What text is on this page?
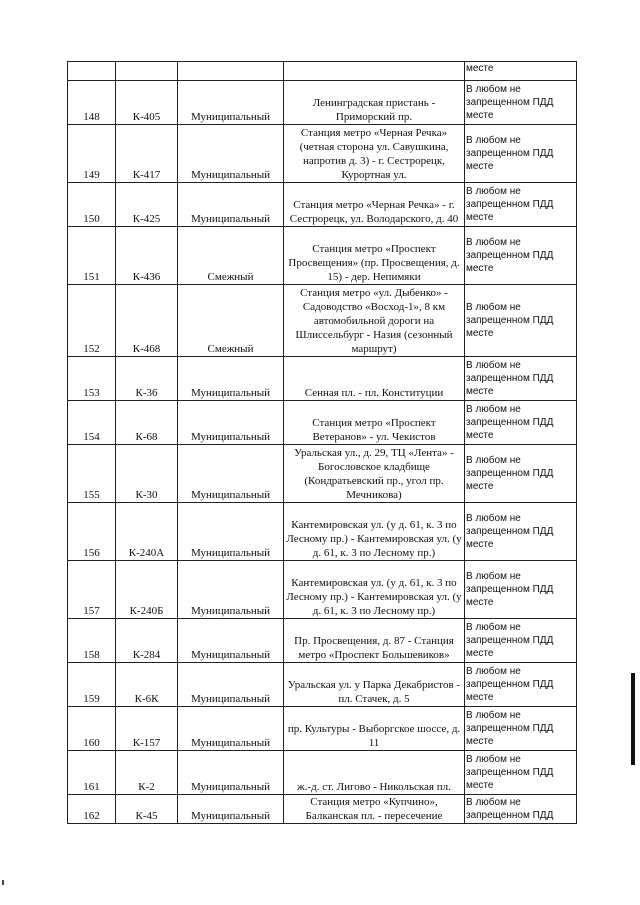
				месте
148	К-405	Муниципальный	Ленинградская пристань - Приморский пр.	В любом не запрещенном ПДД месте
149	К-417	Муниципальный	Станция метро «Черная Речка» (четная сторона ул. Савушкина, напротив д. 3) - г. Сестрорецк, Курортная ул.	В любом не запрещенном ПДД месте
150	К-425	Муниципальный	Станция метро «Черная Речка» - г. Сестрорецк, ул. Володарского, д. 40	В любом не запрещенном ПДД месте
151	К-436	Смежный	Станция метро «Проспект Просвещения» (пр. Просвещения, д. 15) - дер. Непимяки	В любом не запрещенном ПДД месте
152	К-468	Смежный	Станция метро «ул. Дыбенко» - Садоводство «Восход-1», 8 км автомобильной дороги на Шлиссельбург - Назия (сезонный маршрут)	В любом не запрещенном ПДД месте
153	К-36	Муниципальный	Сенная пл. - пл. Конституции	В любом не запрещенном ПДД месте
154	К-68	Муниципальный	Станция метро «Проспект Ветеранов» - ул. Чекистов	В любом не запрещенном ПДД месте
155	К-30	Муниципальный	Уральская ул., д. 29, ТЦ «Лента» - Богословское кладбище (Кондратьевский пр., угол пр. Мечникова)	В любом не запрещенном ПДД месте
156	К-240А	Муниципальный	Кантемировская ул. (у д. 61, к. 3 по Лесному пр.) - Кантемировская ул. (у д. 61, к. 3 по Лесному пр.)	В любом не запрещенном ПДД месте
157	К-240Б	Муниципальный	Кантемировская ул. (у д. 61, к. 3 по Лесному пр.) - Кантемировская ул. (у д. 61, к. 3 по Лесному пр.)	В любом не запрещенном ПДД месте
158	К-284	Муниципальный	Пр. Просвещения, д. 87 - Станция метро «Проспект Большевиков»	В любом не запрещенном ПДД месте
159	К-6К	Муниципальный	Уральская ул. у Парка Декабристов - пл. Стачек, д. 5	В любом не запрещенном ПДД месте
160	К-157	Муниципальный	пр. Культуры - Выборгское шоссе, д. 11	В любом не запрещенном ПДД месте
161	К-2	Муниципальный	ж.-д. ст. Лигово - Никольская пл.	В любом не запрещенном ПДД месте
162	К-45	Муниципальный	Станция метро «Купчино», Балканская пл. - пересечение	В любом не запрещенном ПДД
